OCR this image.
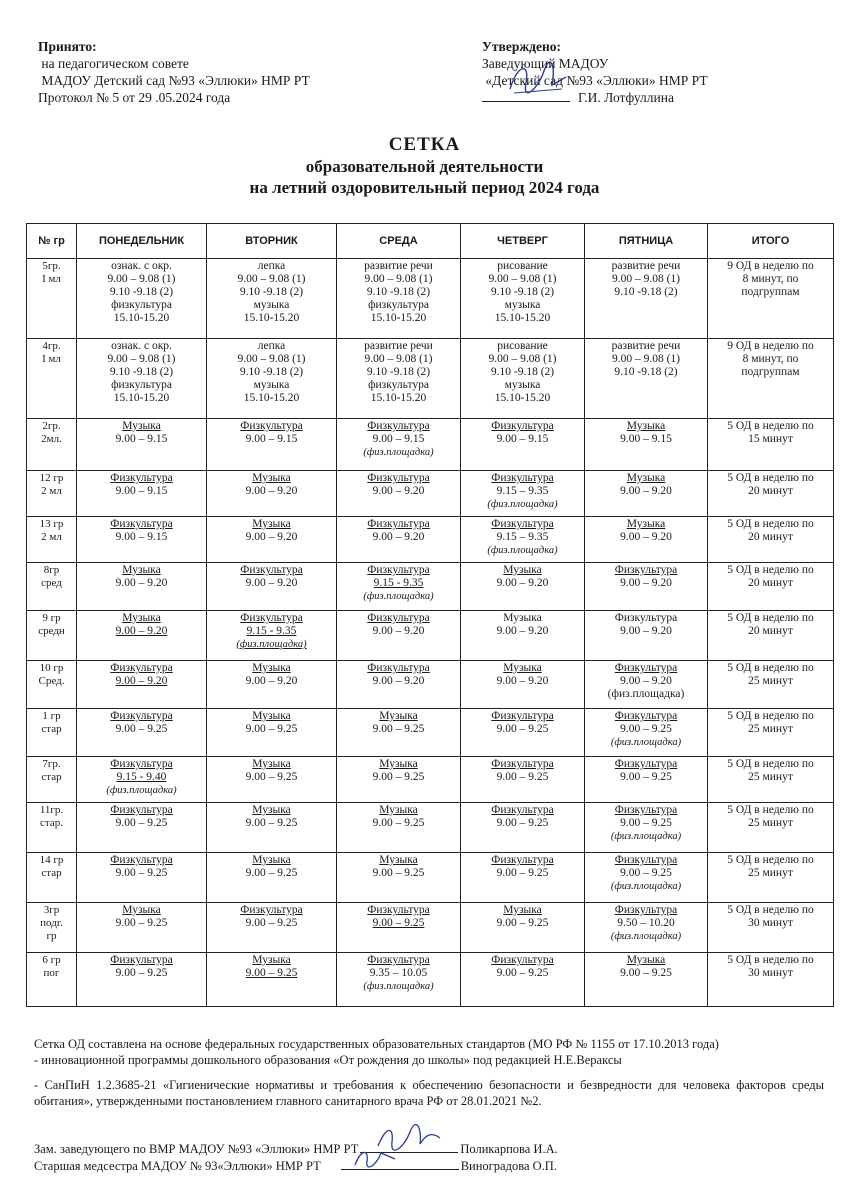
Принято:
на педагогическом совете
МАДОУ Детский сад №93 «Эллюки» НМР РТ
Протокол № 5 от 29 .05.2024 года
Утверждено:
Заведующий МАДОУ
«Детский сад №93 «Эллюки» НМР РТ
Г.И. Лотфуллина
СЕТКА
образовательной деятельности
на летний оздоровительный период 2024 года
№ гр	ПОНЕДЕЛЬНИК	ВТОРНИК	СРЕДА	ЧЕТВЕРГ	ПЯТНИЦА	ИТОГО

5гр.
I мл	ознак. с окр.
9.00 – 9.08 (1)
9.10 -9.18 (2)
физкультура
15.10-15.20	лепка
9.00 – 9.08 (1)
9.10 -9.18 (2)
музыка
15.10-15.20	развитие речи
9.00 – 9.08 (1)
9.10 -9.18 (2)
физкультура
15.10-15.20	рисование
9.00 – 9.08 (1)
9.10 -9.18 (2)
музыка
15.10-15.20	развитие речи
9.00 – 9.08 (1)
9.10 -9.18 (2)	9 ОД в неделю по
8 минут, по
подгруппам

4гр.
I мл	ознак. с окр.
9.00 – 9.08 (1)
9.10 -9.18 (2)
физкультура
15.10-15.20	лепка
9.00 – 9.08 (1)
9.10 -9.18 (2)
музыка
15.10-15.20	развитие речи
9.00 – 9.08 (1)
9.10 -9.18 (2)
физкультура
15.10-15.20	рисование
9.00 – 9.08 (1)
9.10 -9.18 (2)
музыка
15.10-15.20	развитие речи
9.00 – 9.08 (1)
9.10 -9.18 (2)	9 ОД в неделю по
8 минут, по
подгруппам

2гр.
2мл.	Музыка
9.00 – 9.15	Физкультура
9.00 – 9.15	Физкультура
9.00 – 9.15
(физ.площадка)	Физкультура
9.00 – 9.15	Музыка
9.00 – 9.15	5 ОД в неделю по
15 минут

12 гр
2 мл	Физкультура
9.00 – 9.15	Музыка
9.00 – 9.20	Физкультура
9.00 – 9.20	Физкультура
9.15 – 9.35
(физ.площадка)	Музыка
9.00 – 9.20	5 ОД в неделю по
20 минут

13 гр
2 мл	Физкультура
9.00 – 9.15	Музыка
9.00 – 9.20	Физкультура
9.00 – 9.20	Физкультура
9.15 – 9.35
(физ.площадка)	Музыка
9.00 – 9.20	5 ОД в неделю по
20 минут

8гр
сред	Музыка
9.00 – 9.20	Физкультура
9.00 – 9.20	Физкультура
9.15 - 9.35
(физ.площадка)	Музыка
9.00 – 9.20	Физкультура
9.00 – 9.20	5 ОД в неделю по
20 минут

9 гр
средн	Музыка
9.00 – 9.20	Физкультура
9.15 - 9.35
(физ.площадка)	Физкультура
9.00 – 9.20	Музыка
9.00 – 9.20	Физкультура
9.00 – 9.20	5 ОД в неделю по
20 минут

10 гр
Сред.	Физкультура
9.00 – 9.20	Музыка
9.00 – 9.20	Физкультура
9.00 – 9.20	Музыка
9.00 – 9.20	Физкультура
9.00 – 9.20
(физ.площадка)	5 ОД в неделю по
25 минут

1 гр
стар	Физкультура
9.00 – 9.25	Музыка
9.00 – 9.25	Музыка
9.00 – 9.25	Физкультура
9.00 – 9.25	Физкультура
9.00 – 9.25
(физ.площадка)	5 ОД в неделю по
25 минут

7гр.
стар	Физкультура
9.15 - 9.40
(физ.площадка)	Музыка
9.00 – 9.25	Музыка
9.00 – 9.25	Физкультура
9.00 – 9.25	Физкультура
9.00 – 9.25	5 ОД в неделю по
25 минут

11гр.
стар.	Физкультура
9.00 – 9.25	Музыка
9.00 – 9.25	Музыка
9.00 – 9.25	Физкультура
9.00 – 9.25	Физкультура
9.00 – 9.25
(физ.площадка)	5 ОД в неделю по
25 минут

14 гр
стар	Физкультура
9.00 – 9.25	Музыка
9.00 – 9.25	Музыка
9.00 – 9.25	Физкультура
9.00 – 9.25	Физкультура
9.00 – 9.25
(физ.площадка)	5 ОД в неделю по
25 минут

3гр
подг.
гр	Музыка
9.00 – 9.25	Физкультура
9.00 – 9.25	Физкультура
9.00 – 9.25	Музыка
9.00 – 9.25	Физкультура
9.50 – 10.20
(физ.площадка)	5 ОД в неделю по
30 минут

6 гр
пог	Физкультура
9.00 – 9.25	Музыка
9.00 – 9.25	Физкультура
9.35 – 10.05
(физ.площадка)	Физкультура
9.00 – 9.25	Музыка
9.00 – 9.25	5 ОД в неделю по
30 минут
Сетка ОД составлена на основе федеральных государственных образовательных стандартов (МО РФ № 1155 от 17.10.2013 года)
- инновационной программы дошкольного образования «От рождения до школы» под редакцией Н.Е.Вераксы
- СанПиН 1.2.3685-21 «Гигиенические нормативы и требования к обеспечению безопасности и безвредности для человека факторов среды обитания», утвержденными постановлением главного санитарного врача РФ от 28.01.2021 №2.
Зам. заведующего по ВМР МАДОУ №93 «Эллюки» НМР РТ	Поликарпова И.А.
Старшая медсестра МАДОУ № 93«Эллюки» НМР РТ	Виноградова О.П.
